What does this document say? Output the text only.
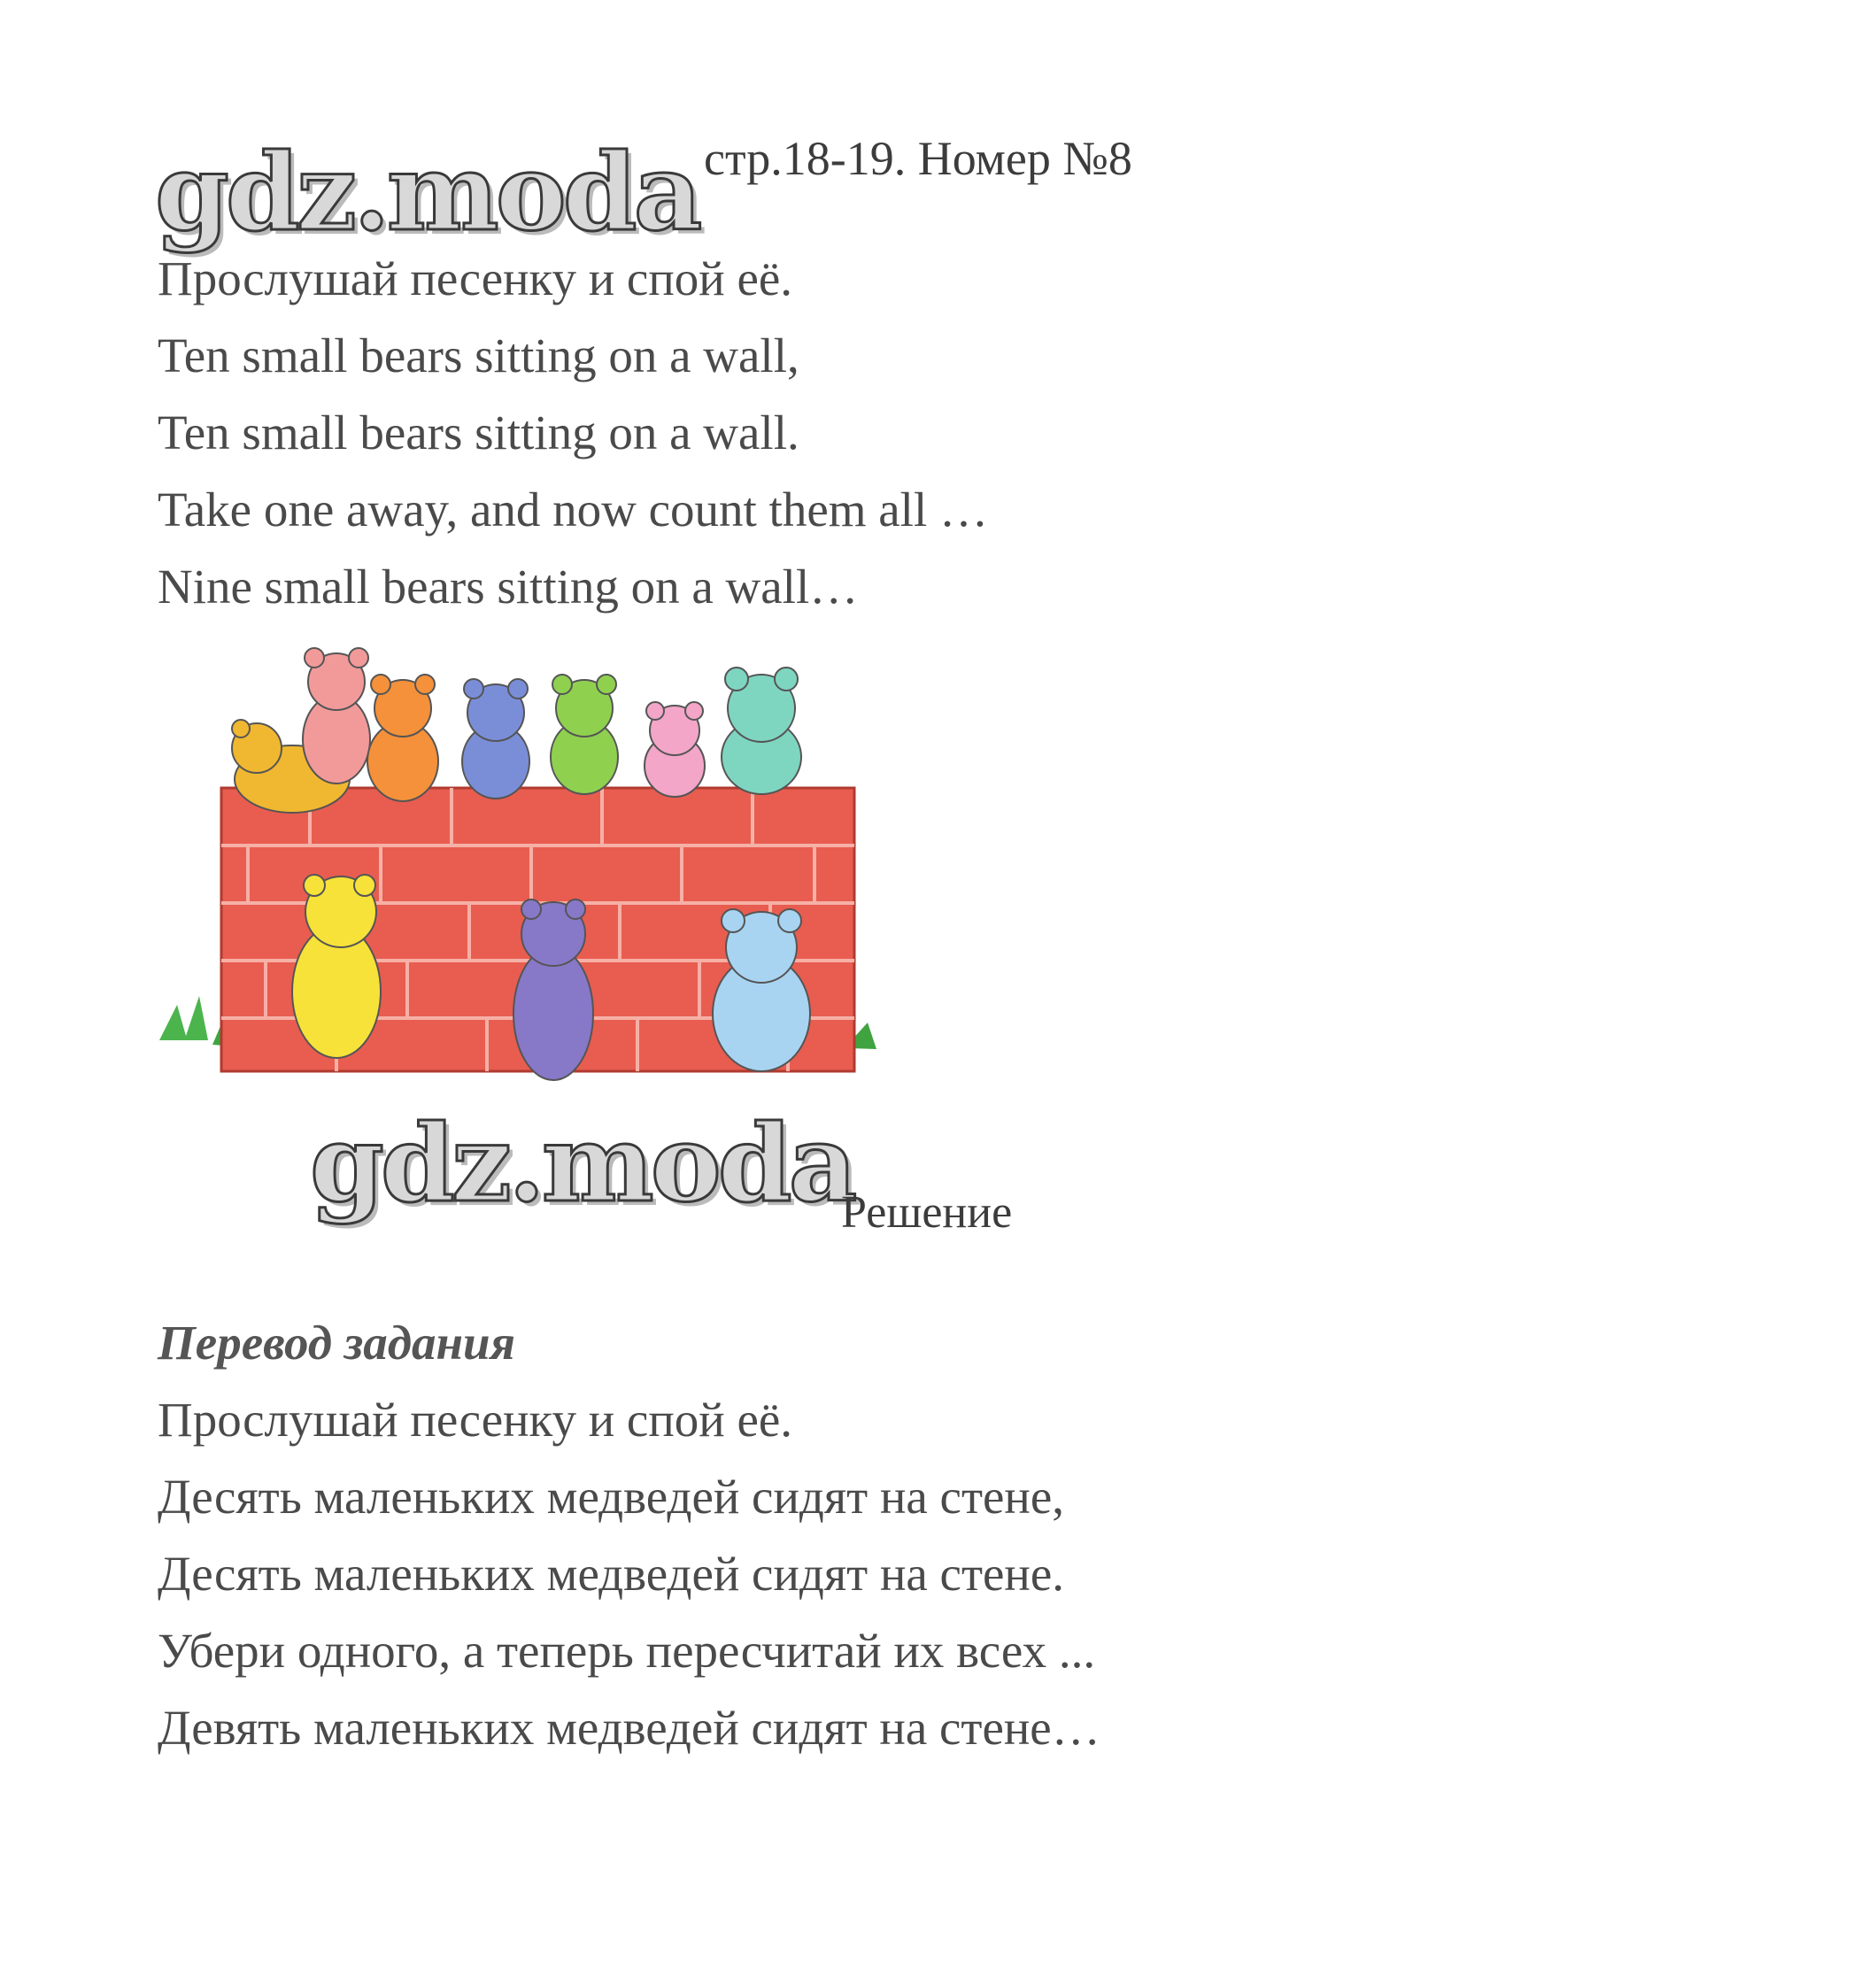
gdz.moda стр.18-19. Номер №8
Прослушай песенку и спой её.
Ten small bears sitting on a wall,
Ten small bears sitting on a wall.
Take one away, and now count them all …
Nine small bears sitting on a wall…
gdz.moda
Решение
Перевод задания
Прослушай песенку и спой её.
Десять маленьких медведей сидят на стене,
Десять маленьких медведей сидят на стене.
Убери одного, а теперь пересчитай их всех ...
Девять маленьких медведей сидят на стене…
